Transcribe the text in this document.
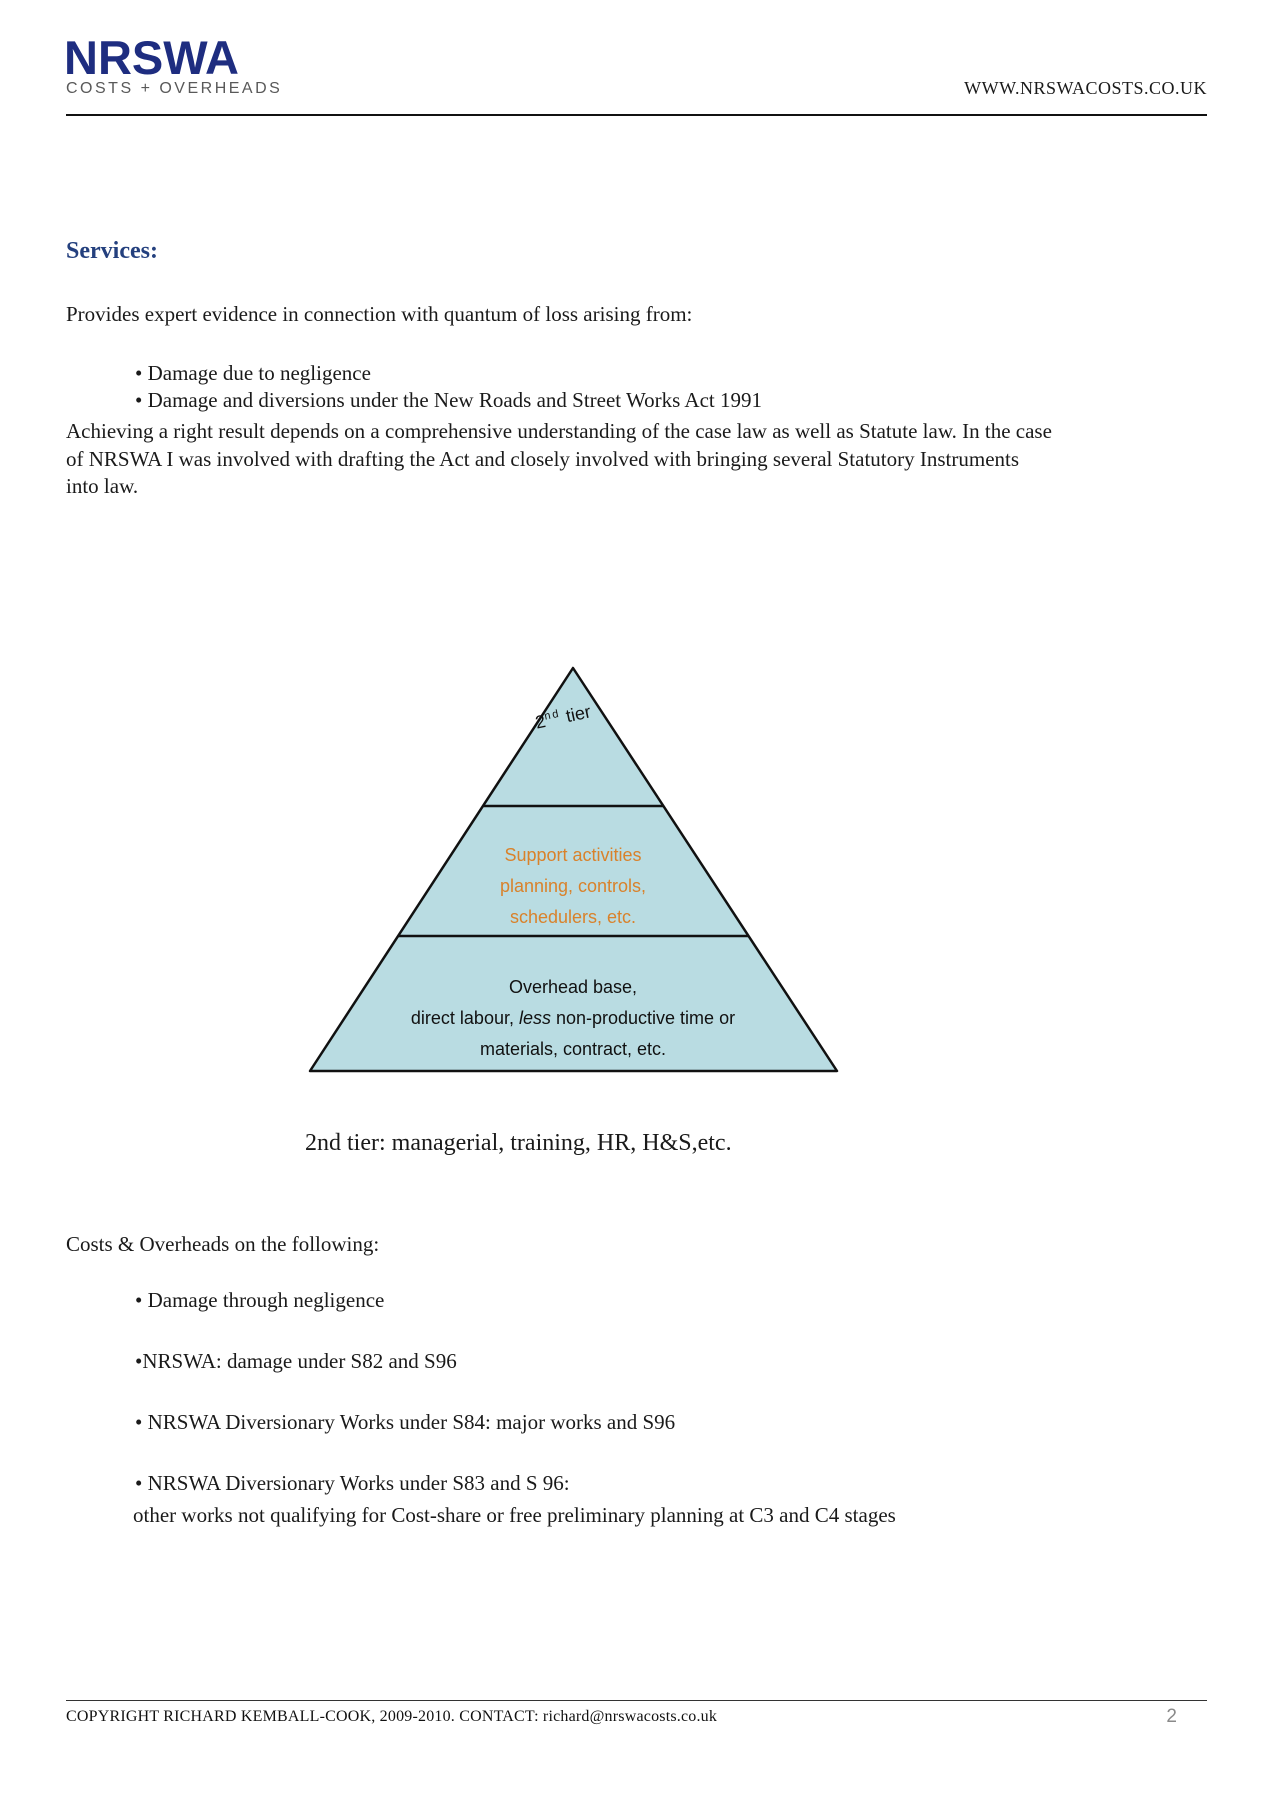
NRSWA
COSTS + OVERHEADS	WWW.NRSWACOSTS.CO.UK
Services:
Provides expert evidence in connection with quantum of loss arising from:
• Damage due to negligence
• Damage and diversions under the New Roads and Street Works Act 1991
Achieving a right result depends on a comprehensive understanding of the case law as well as Statute law. In the case of NRSWA I was involved with drafting the Act and closely involved with bringing several Statutory Instruments into law.
2nd tier
Support activities
planning, controls,
schedulers, etc.
Overhead base,
direct labour, less non-productive time or
materials, contract, etc.
2nd tier: managerial, training, HR, H&S,etc.
Costs & Overheads on the following:
• Damage through negligence
•NRSWA: damage under S82 and S96
• NRSWA Diversionary Works under S84: major works and S96
• NRSWA Diversionary Works under S83 and S 96:
other works not qualifying for Cost-share or free preliminary planning at C3 and C4 stages
COPYRIGHT RICHARD KEMBALL-COOK, 2009-2010. CONTACT: richard@nrswacosts.co.uk	2
